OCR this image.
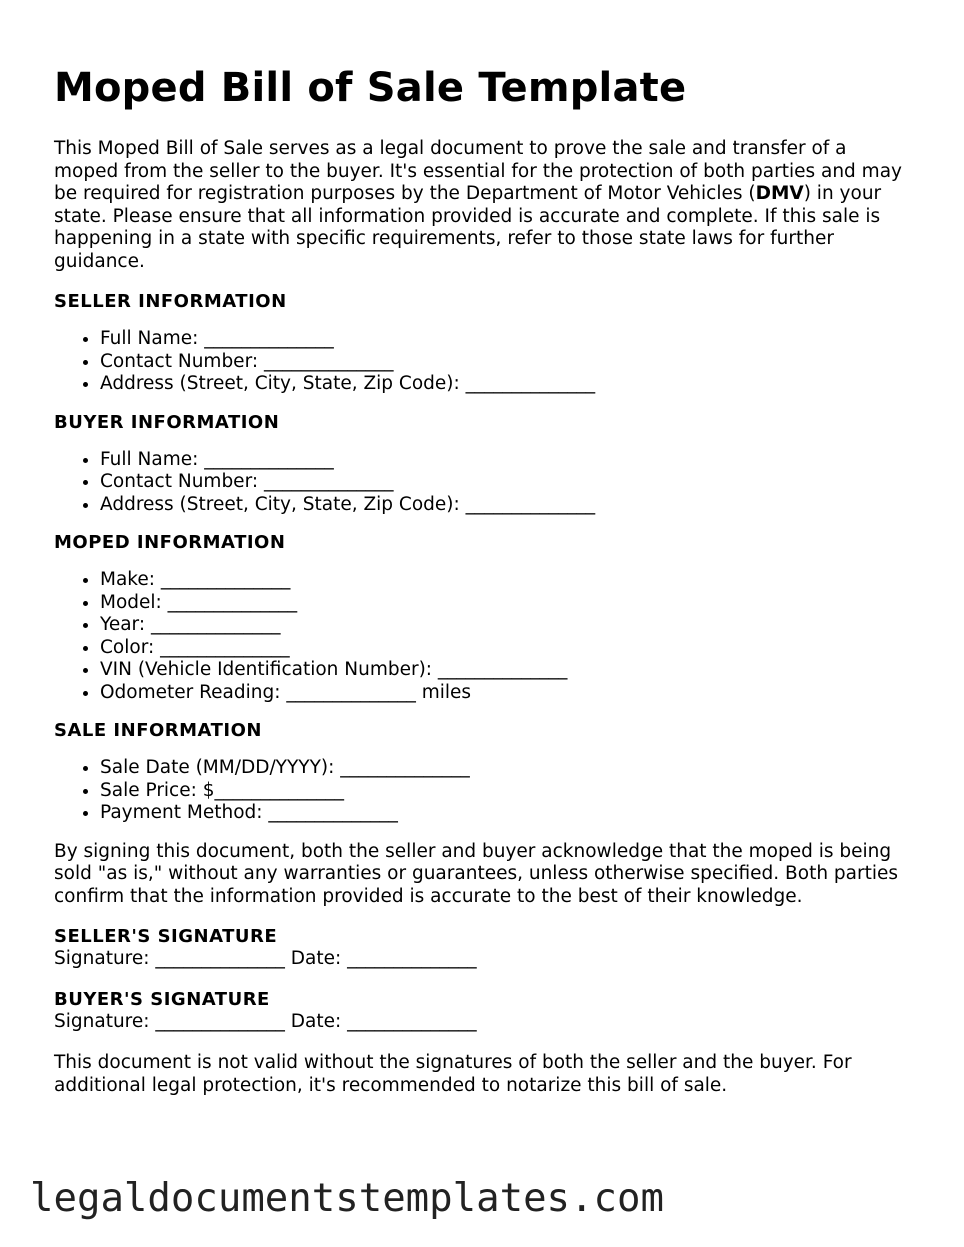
Moped Bill of Sale Template

This Moped Bill of Sale serves as a legal document to prove the sale and transfer of a moped from the seller to the buyer. It's essential for the protection of both parties and may be required for registration purposes by the Department of Motor Vehicles (DMV) in your state. Please ensure that all information provided is accurate and complete. If this sale is happening in a state with specific requirements, refer to those state laws for further guidance.

SELLER INFORMATION
• Full Name: ______________
• Contact Number: ______________
• Address (Street, City, State, Zip Code): ______________
BUYER INFORMATION
• Full Name: ______________
• Contact Number: ______________
• Address (Street, City, State, Zip Code): ______________
MOPED INFORMATION
• Make: ______________
• Model: ______________
• Year: ______________
• Color: ______________
• VIN (Vehicle Identification Number): ______________
• Odometer Reading: ______________ miles
SALE INFORMATION
• Sale Date (MM/DD/YYYY): ______________
• Sale Price: $______________
• Payment Method: ______________

By signing this document, both the seller and buyer acknowledge that the moped is being sold "as is," without any warranties or guarantees, unless otherwise specified. Both parties confirm that the information provided is accurate to the best of their knowledge.

SELLER'S SIGNATURE
Signature: ______________ Date: ______________
BUYER'S SIGNATURE
Signature: ______________ Date: ______________

This document is not valid without the signatures of both the seller and the buyer. For additional legal protection, it's recommended to notarize this bill of sale.

legaldocumentstemplates.com
